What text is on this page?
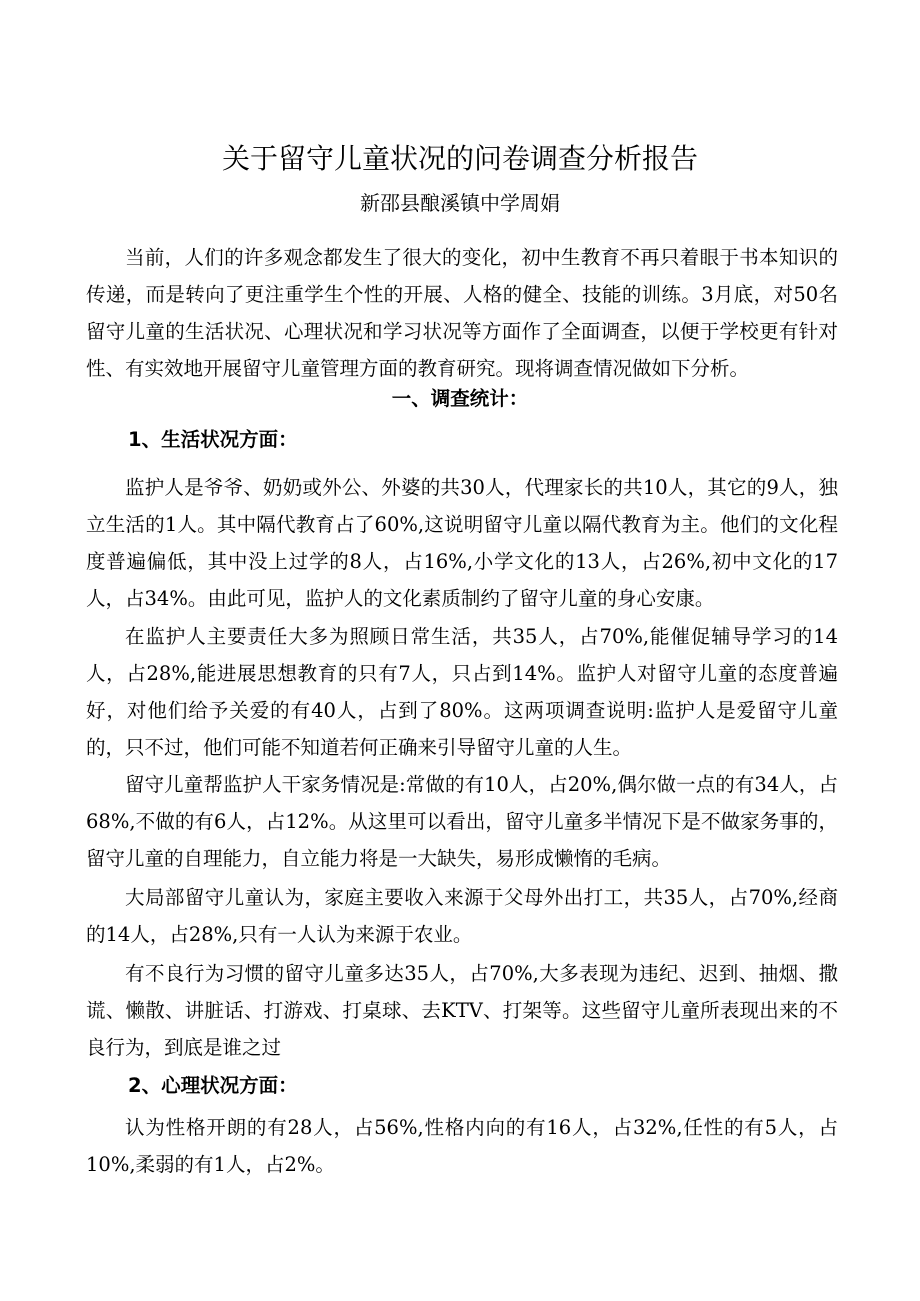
关于留守儿童状况的问卷调查分析报告
新邵县酿溪镇中学周娟

当前，人们的许多观念都发生了很大的变化，初中生教育不再只着眼于书本知识的传递，而是转向了更注重学生个性的开展、人格的健全、技能的训练。3月底，对50名留守儿童的生活状况、心理状况和学习状况等方面作了全面调查，以便于学校更有针对性、有实效地开展留守儿童管理方面的教育研究。现将调查情况做如下分析。

一、调查统计：
1、生活状况方面：

监护人是爷爷、奶奶或外公、外婆的共30人，代理家长的共10人，其它的9人，独立生活的1人。其中隔代教育占了60%,这说明留守儿童以隔代教育为主。他们的文化程度普遍偏低，其中没上过学的8人，占16%,小学文化的13人，占26%,初中文化的17人，占34%。由此可见，监护人的文化素质制约了留守儿童的身心安康。

在监护人主要责任大多为照顾日常生活，共35人，占70%,能催促辅导学习的14人，占28%,能进展思想教育的只有7人，只占到14%。监护人对留守儿童的态度普遍好，对他们给予关爱的有40人，占到了80%。这两项调查说明:监护人是爱留守儿童的，只不过，他们可能不知道若何正确来引导留守儿童的人生。

留守儿童帮监护人干家务情况是:常做的有10人，占20%,偶尔做一点的有34人，占68%,不做的有6人，占12%。从这里可以看出，留守儿童多半情况下是不做家务事的，留守儿童的自理能力，自立能力将是一大缺失，易形成懒惰的毛病。

大局部留守儿童认为，家庭主要收入来源于父母外出打工，共35人，占70%,经商的14人，占28%,只有一人认为来源于农业。

有不良行为习惯的留守儿童多达35人，占70%,大多表现为违纪、迟到、抽烟、撒谎、懒散、讲脏话、打游戏、打桌球、去KTV、打架等。这些留守儿童所表现出来的不良行为，到底是谁之过

2、心理状况方面：

认为性格开朗的有28人，占56%,性格内向的有16人，占32%,任性的有5人，占10%,柔弱的有1人，占2%。
